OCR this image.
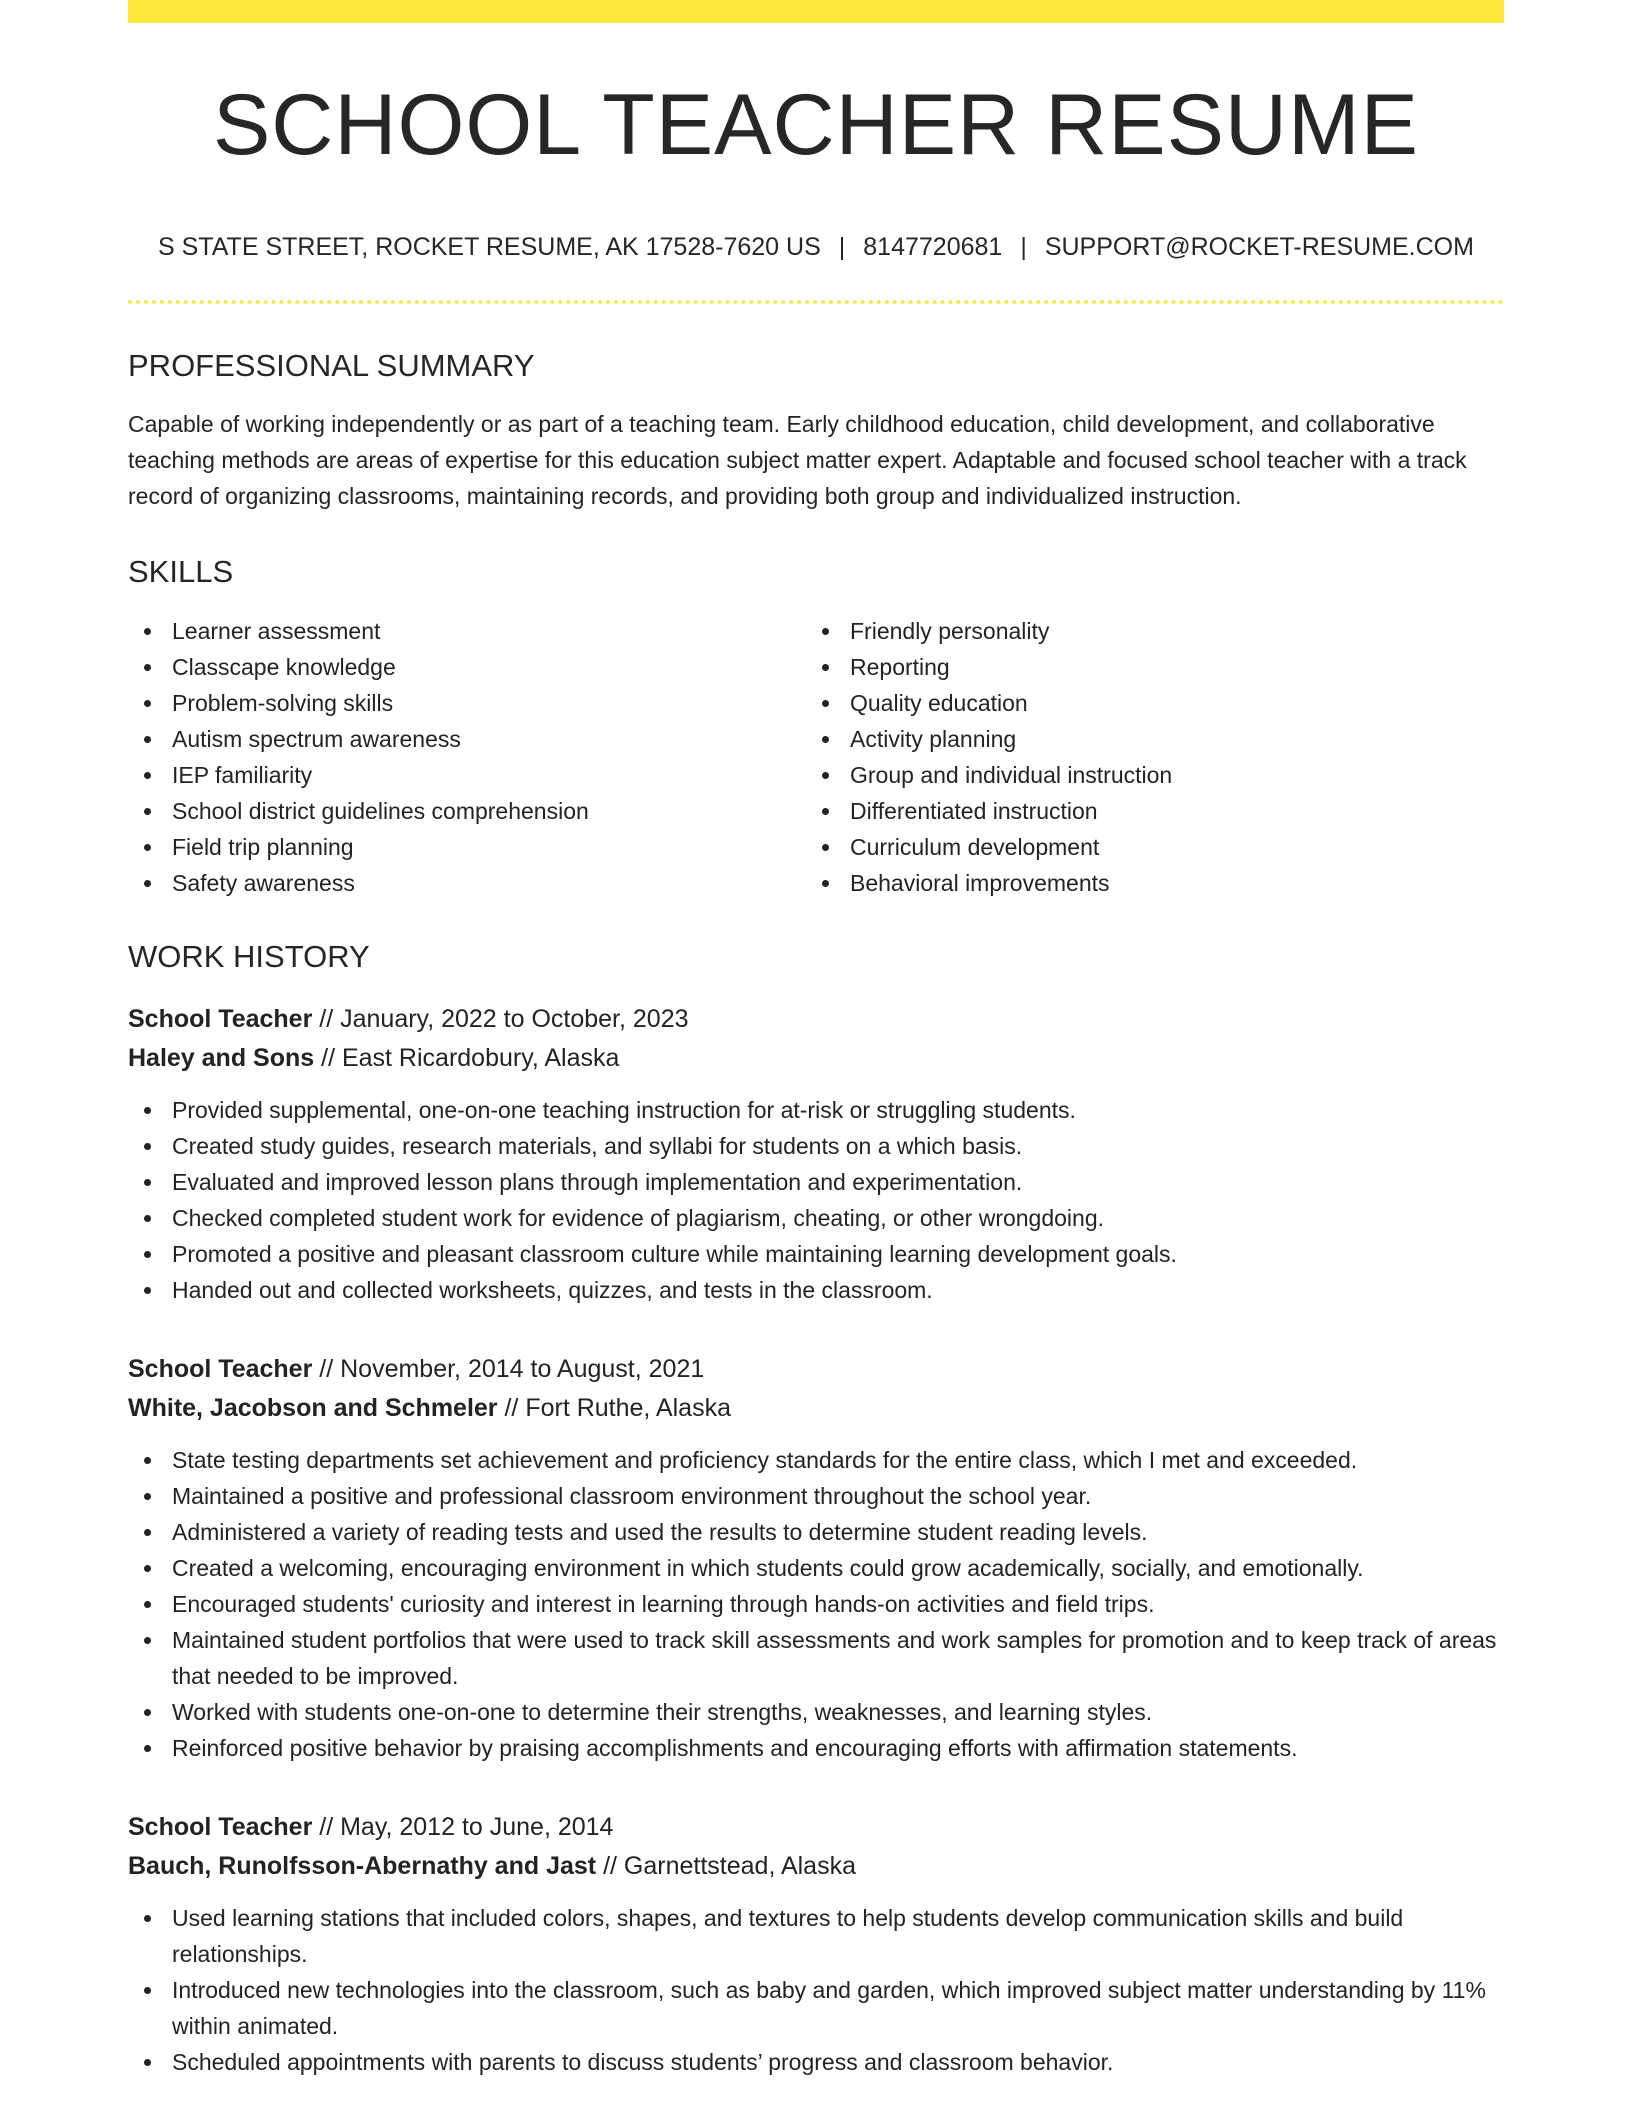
SCHOOL TEACHER RESUME
S STATE STREET, ROCKET RESUME, AK 17528-7620 US | 8147720681 | SUPPORT@ROCKET-RESUME.COM
PROFESSIONAL SUMMARY

Capable of working independently or as part of a teaching team. Early childhood education, child development, and collaborative teaching methods are areas of expertise for this education subject matter expert. Adaptable and focused school teacher with a track record of organizing classrooms, maintaining records, and providing both group and individualized instruction.

SKILLS
Learner assessment
Classcape knowledge
Problem-solving skills
Autism spectrum awareness
IEP familiarity
School district guidelines comprehension
Field trip planning
Safety awareness
Friendly personality
Reporting
Quality education
Activity planning
Group and individual instruction
Differentiated instruction
Curriculum development
Behavioral improvements
WORK HISTORY
School Teacher // January, 2022 to October, 2023
Haley and Sons // East Ricardobury, Alaska
Provided supplemental, one-on-one teaching instruction for at-risk or struggling students.
Created study guides, research materials, and syllabi for students on a which basis.
Evaluated and improved lesson plans through implementation and experimentation.
Checked completed student work for evidence of plagiarism, cheating, or other wrongdoing.
Promoted a positive and pleasant classroom culture while maintaining learning development goals.
Handed out and collected worksheets, quizzes, and tests in the classroom.
School Teacher // November, 2014 to August, 2021
White, Jacobson and Schmeler // Fort Ruthe, Alaska
State testing departments set achievement and proficiency standards for the entire class, which I met and exceeded.
Maintained a positive and professional classroom environment throughout the school year.
Administered a variety of reading tests and used the results to determine student reading levels.
Created a welcoming, encouraging environment in which students could grow academically, socially, and emotionally.
Encouraged students' curiosity and interest in learning through hands-on activities and field trips.
Maintained student portfolios that were used to track skill assessments and work samples for promotion and to keep track of areas that needed to be improved.
Worked with students one-on-one to determine their strengths, weaknesses, and learning styles.
Reinforced positive behavior by praising accomplishments and encouraging efforts with affirmation statements.
School Teacher // May, 2012 to June, 2014
Bauch, Runolfsson-Abernathy and Jast // Garnettstead, Alaska
Used learning stations that included colors, shapes, and textures to help students develop communication skills and build relationships.
Introduced new technologies into the classroom, such as baby and garden, which improved subject matter understanding by 11% within animated.
Scheduled appointments with parents to discuss students’ progress and classroom behavior.
